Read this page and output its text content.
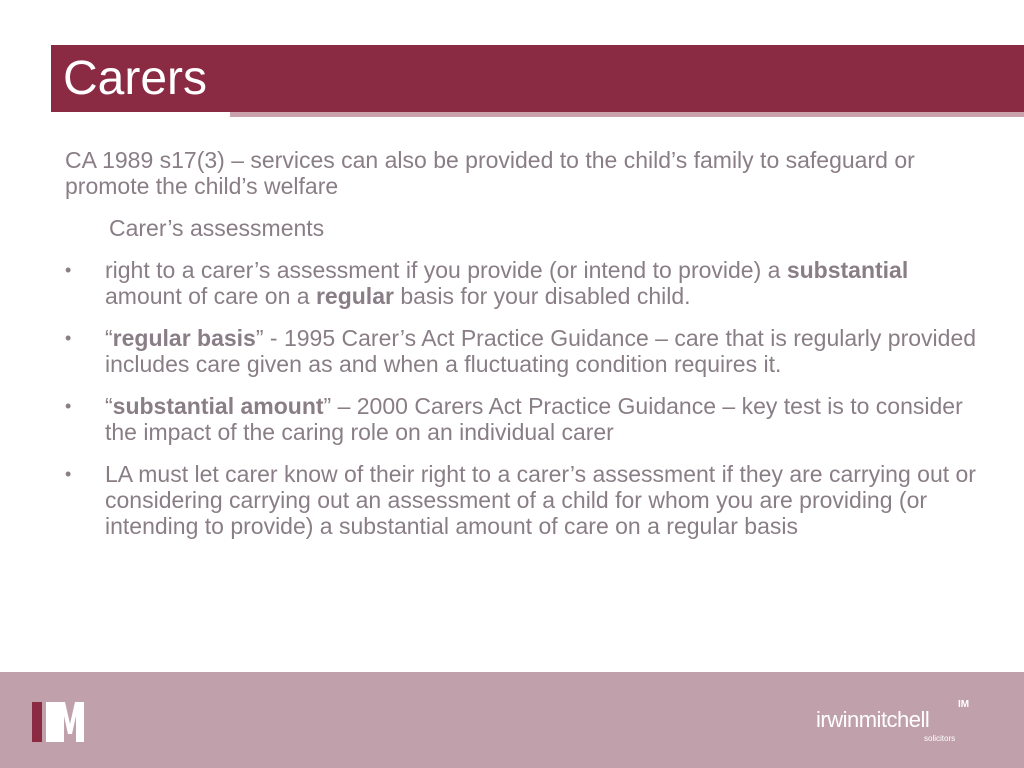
Carers

CA 1989 s17(3) – services can also be provided to the child’s family to safeguard or promote the child’s welfare

Carer’s assessments

•	right to a carer’s assessment if you provide (or intend to provide) a substantial amount of care on a regular basis for your disabled child.
•	“regular basis” - 1995 Carer’s Act Practice Guidance – care that is regularly provided includes care given as and when a fluctuating condition requires it.
•	“substantial amount” – 2000 Carers Act Practice Guidance – key test is to consider the impact of the caring role on an individual carer
•	LA must let carer know of their right to a carer’s assessment if they are carrying out or considering carrying out an assessment of a child for whom you are providing (or intending to provide) a substantial amount of care on a regular basis
irwinmitchell
IM
solicitors
